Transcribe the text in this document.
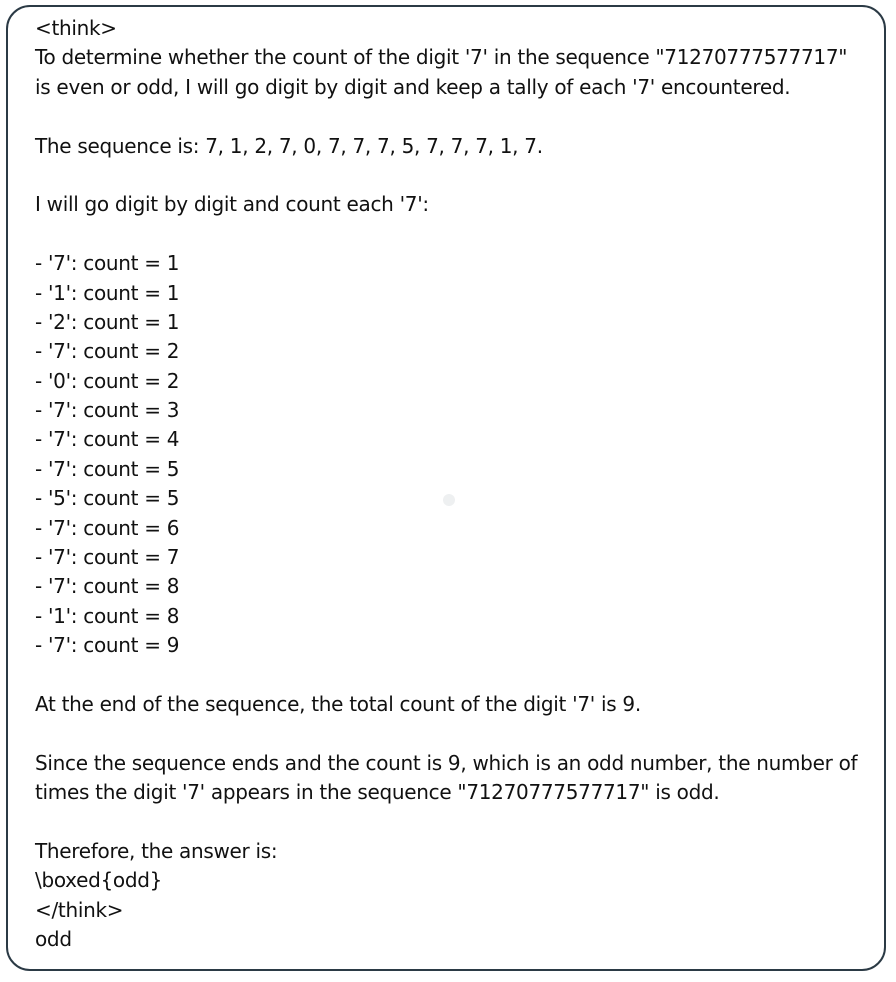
<think>
To determine whether the count of the digit '7' in the sequence "71270777577717"
is even or odd, I will go digit by digit and keep a tally of each '7' encountered.
The sequence is: 7, 1, 2, 7, 0, 7, 7, 7, 5, 7, 7, 7, 1, 7.
I will go digit by digit and count each '7':
- '7': count = 1
- '1': count = 1
- '2': count = 1
- '7': count = 2
- '0': count = 2
- '7': count = 3
- '7': count = 4
- '7': count = 5
- '5': count = 5
- '7': count = 6
- '7': count = 7
- '7': count = 8
- '1': count = 8
- '7': count = 9
At the end of the sequence, the total count of the digit '7' is 9.
Since the sequence ends and the count is 9, which is an odd number, the number of
times the digit '7' appears in the sequence "71270777577717" is odd.
Therefore, the answer is:
\boxed{odd}
</think>
odd
